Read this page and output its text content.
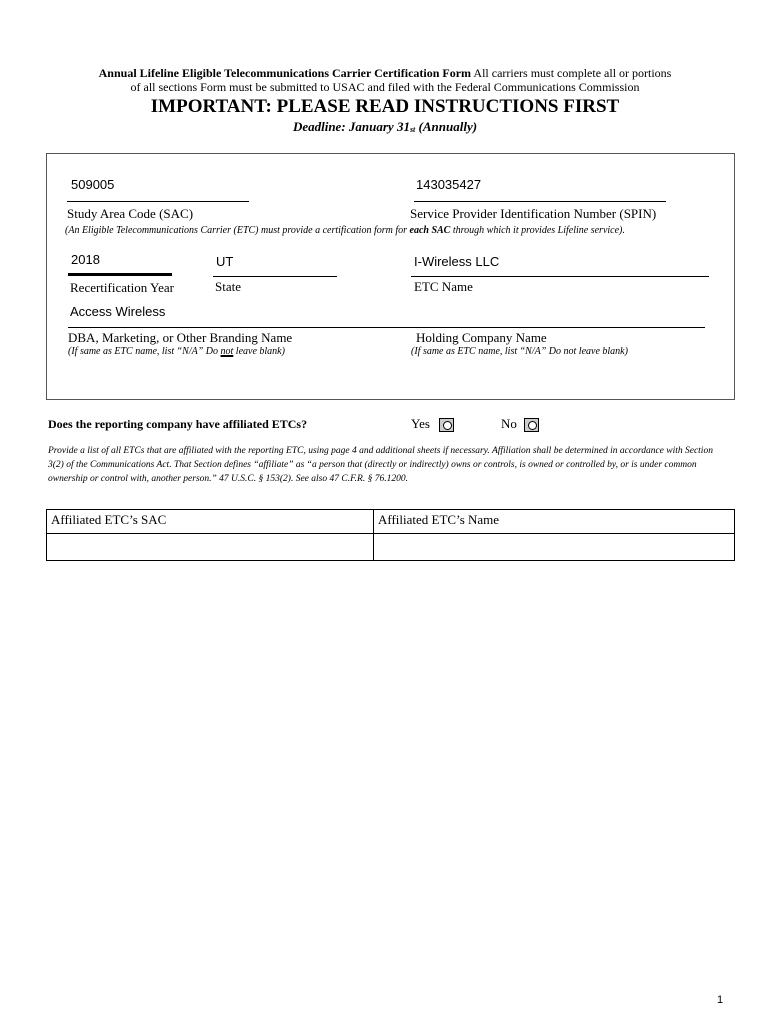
Annual Lifeline Eligible Telecommunications Carrier Certification Form All carriers must complete all or portions
of all sections Form must be submitted to USAC and filed with the Federal Communications Commission
IMPORTANT: PLEASE READ INSTRUCTIONS FIRST
Deadline: January 31st (Annually)
509005
Study Area Code (SAC)
143035427
Service Provider Identification Number (SPIN)
(An Eligible Telecommunications Carrier (ETC) must provide a certification form for each SAC through which it provides Lifeline service).
2018
Recertification Year
UT
State
I-Wireless LLC
ETC Name
Access Wireless
DBA, Marketing, or Other Branding Name
(If same as ETC name, list “N/A” Do not leave blank)
Holding Company Name
(If same as ETC name, list “N/A” Do not leave blank)
Does the reporting company have affiliated ETCs?	Yes	No
Provide a list of all ETCs that are affiliated with the reporting ETC, using page 4 and additional sheets if necessary. Affiliation shall be determined in accordance with Section 3(2) of the Communications Act. That Section defines “affiliate” as “a person that (directly or indirectly) owns or controls, is owned or controlled by, or is under common ownership or control with, another person.” 47 U.S.C. § 153(2). See also 47 C.F.R. § 76.1200.
Affiliated ETC’s SAC	Affiliated ETC’s Name

1
